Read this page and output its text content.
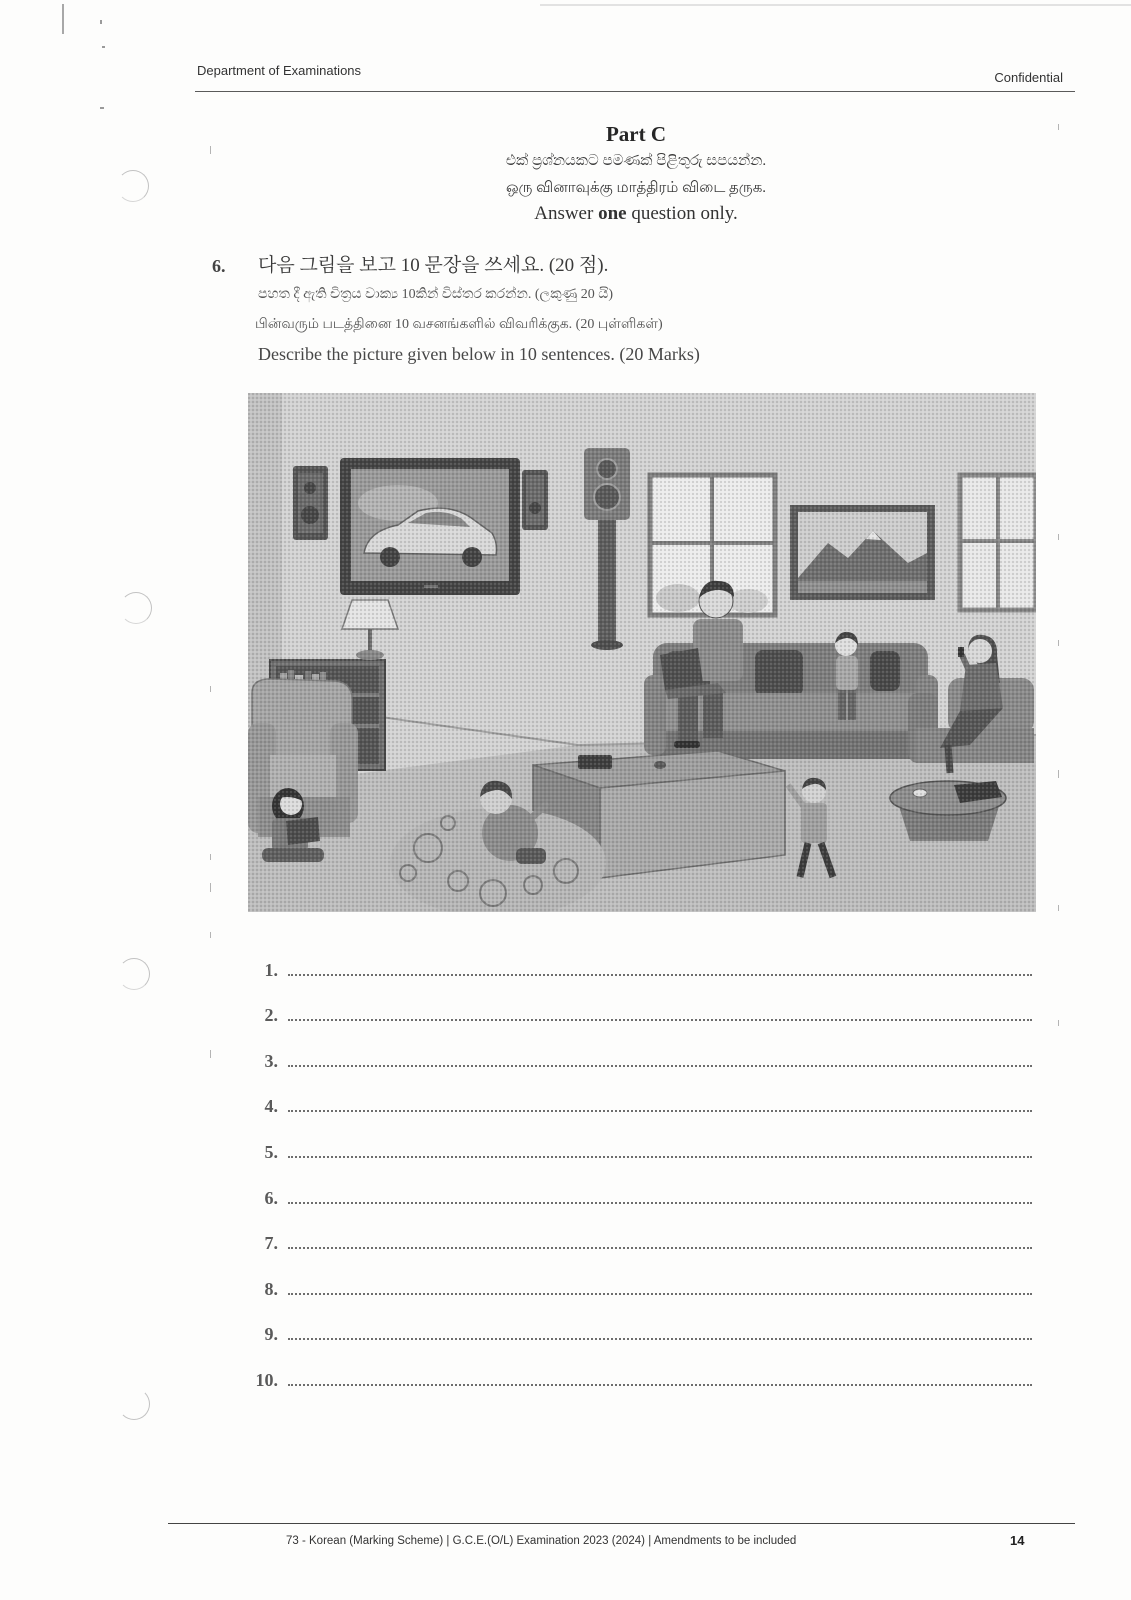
Department of Examinations	Confidential
Part C
එක් ප්‍රශ්නයකට පමණක් පිළිතුරු සපයන්න.
ஒரு வினாவுக்கு மாத்திரம் விடை தருக.
Answer one question only.
6. 다음 그림을 보고 10 문장을 쓰세요. (20 점).
පහත දී ඇති චිත්‍රය වාක්‍ය 10කින් විස්තර කරන්න. (ලකුණු 20 යි)
பின்வரும் படத்தினை 10 வசனங்களில் விவரிக்குக. (20 புள்ளிகள்)
Describe the picture given below in 10 sentences. (20 Marks)
1.
2.
3.
4.
5.
6.
7.
8.
9.
10.
73 - Korean (Marking Scheme) | G.C.E.(O/L) Examination 2023 (2024) | Amendments to be included	14
